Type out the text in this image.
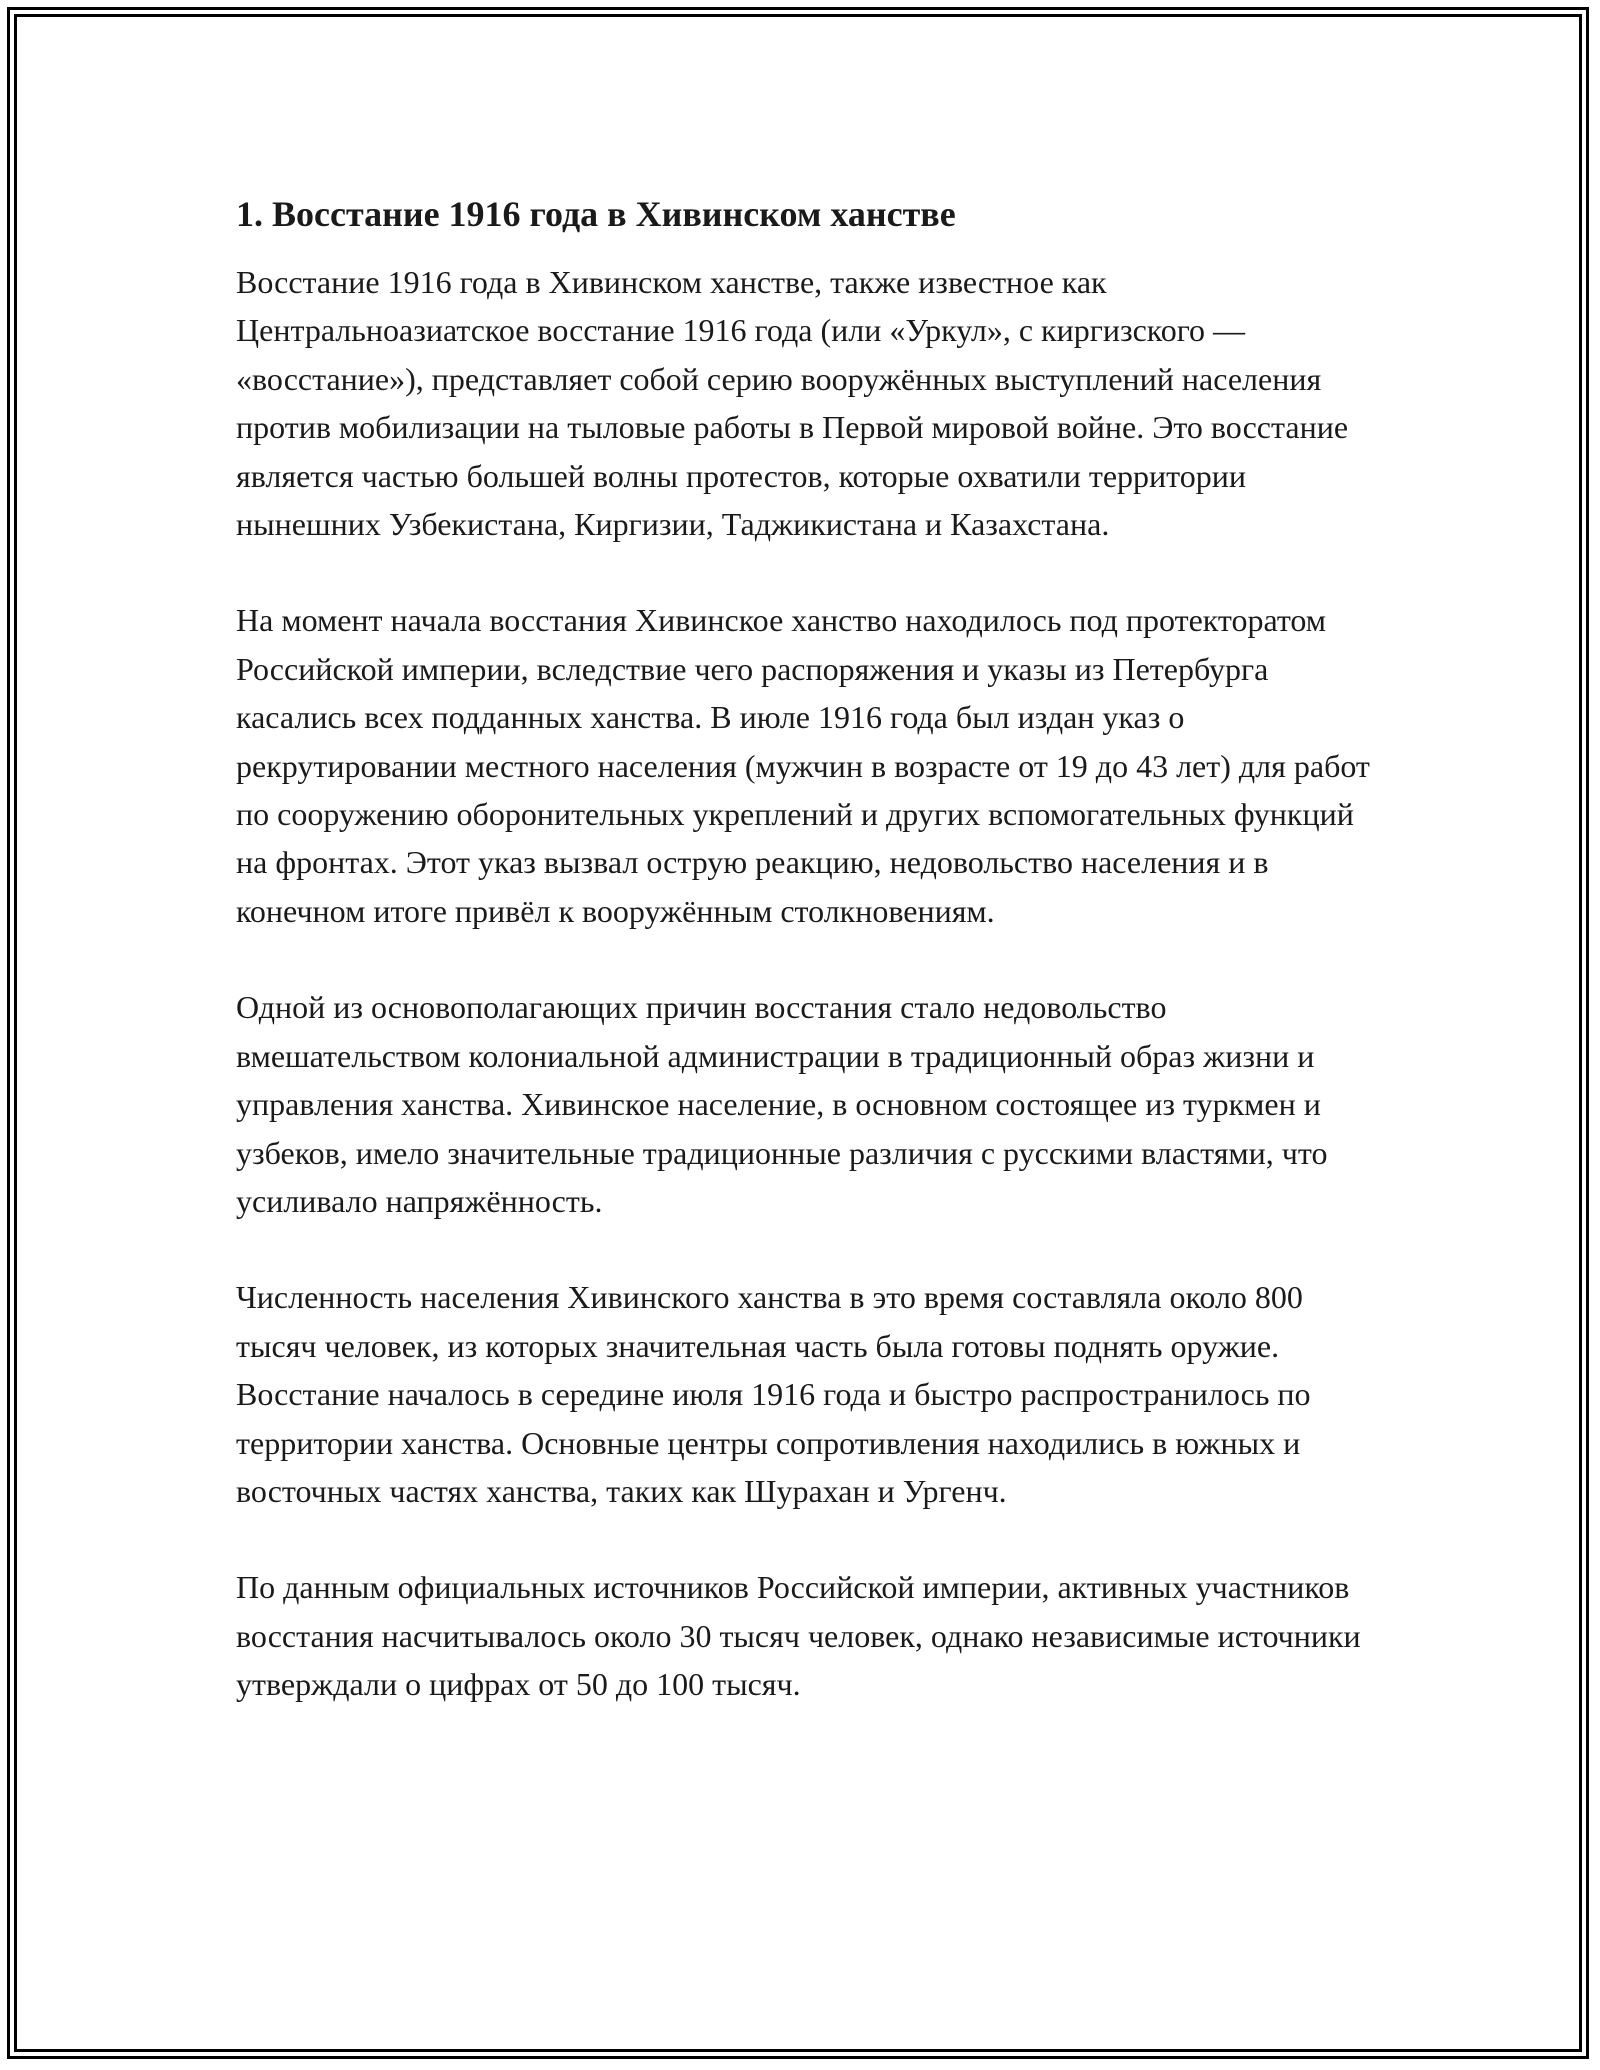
1. Восстание 1916 года в Хивинском ханстве

Восстание 1916 года в Хивинском ханстве, также известное как Центральноазиатское восстание 1916 года (или «Уркул», с киргизского — «восстание»), представляет собой серию вооружённых выступлений населения против мобилизации на тыловые работы в Первой мировой войне. Это восстание является частью большей волны протестов, которые охватили территории нынешних Узбекистана, Киргизии, Таджикистана и Казахстана.

На момент начала восстания Хивинское ханство находилось под протекторатом Российской империи, вследствие чего распоряжения и указы из Петербурга касались всех подданных ханства. В июле 1916 года был издан указ о рекрутировании местного населения (мужчин в возрасте от 19 до 43 лет) для работ по сооружению оборонительных укреплений и других вспомогательных функций на фронтах. Этот указ вызвал острую реакцию, недовольство населения и в конечном итоге привёл к вооружённым столкновениям.

Одной из основополагающих причин восстания стало недовольство вмешательством колониальной администрации в традиционный образ жизни и управления ханства. Хивинское население, в основном состоящее из туркмен и узбеков, имело значительные традиционные различия с русскими властями, что усиливало напряжённость.

Численность населения Хивинского ханства в это время составляла около 800 тысяч человек, из которых значительная часть была готовы поднять оружие. Восстание началось в середине июля 1916 года и быстро распространилось по территории ханства. Основные центры сопротивления находились в южных и восточных частях ханства, таких как Шурахан и Ургенч.

По данным официальных источников Российской империи, активных участников восстания насчитывалось около 30 тысяч человек, однако независимые источники утверждали о цифрах от 50 до 100 тысяч.
